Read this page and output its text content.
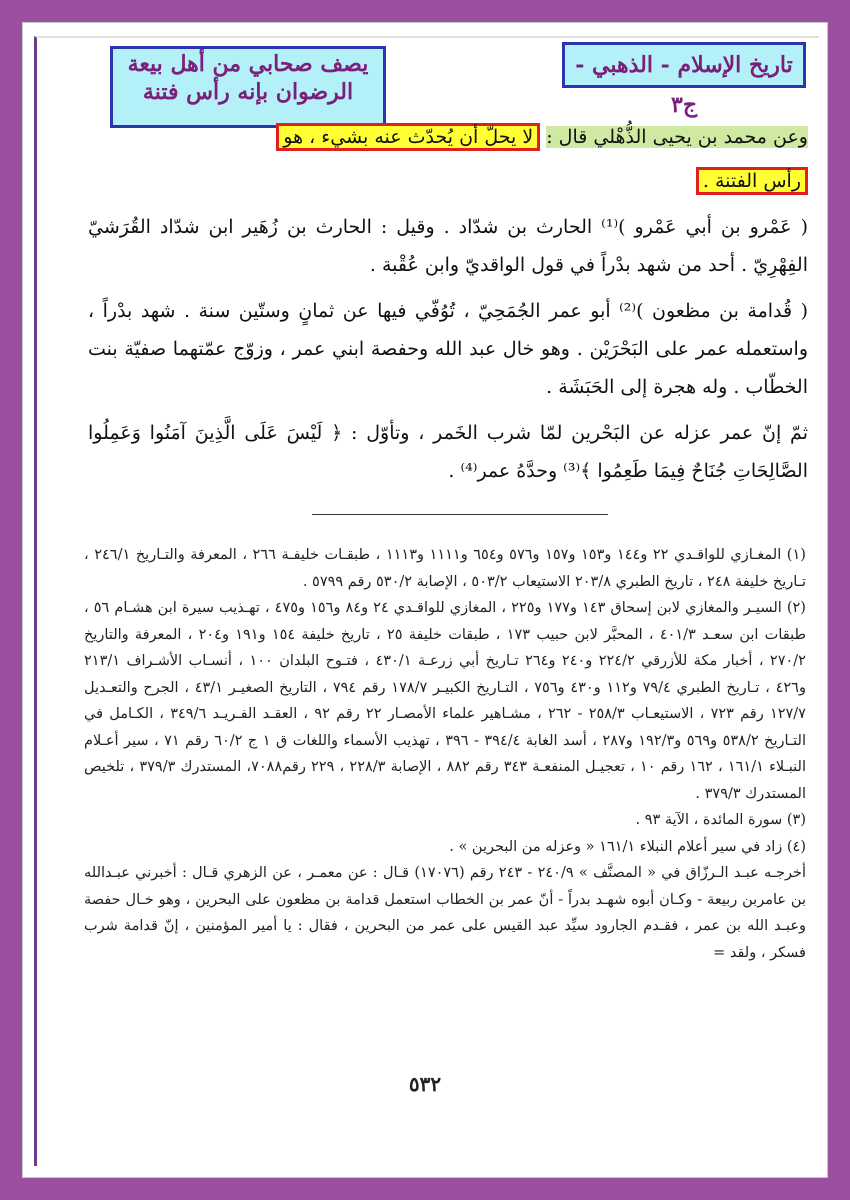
تاريخ الإسلام - الذهبي - ج٣
يصف صحابي من أهل بيعة
الرضوان بإنه رأس فتنة

وعن محمد بن يحيى الذُّهْلي قال : لا يحلّ أن يُحدّث عنه بشيء ، هو

رأس الفتنة .

( عَمْرو بن أبي عَمْرو )⁽¹⁾ الحارث بن شدّاد . وقيل : الحارث بن زُهَير ابن شدّاد القُرَشيّ الفِهْرِيّ . أحد من شهد بدْراً في قول الواقديّ وابن عُقْبة .

( قُدامة بن مظعون )⁽²⁾ أبو عمر الجُمَحِيّ ، تُوُفّي فيها عن ثمانٍ وستّين سنة . شهد بدْراً ، واستعمله عمر على البَحْرَيْن . وهو خال عبد الله وحفصة ابني عمر ، وزوّج عمّتهما صفيّة بنت الخطّاب . وله هجرة إلى الحَبَشَة .

ثمّ إنّ عمر عزله عن البَحْرين لمّا شرب الخَمر ، وتأوّل : ﴿ لَيْسَ عَلَى الَّذِينَ آمَنُوا وَعَمِلُوا الصَّالِحَاتِ جُنَاحٌ فِيمَا طَعِمُوا ﴾⁽³⁾ وحدَّهُ عمر⁽⁴⁾ .

(١) المغـازي للواقـدي ٢٢ و١٤٤ و١٥٣ و١٥٧ و٥٧٦ و٦٥٤ و١١١١ و١١١٣ ، طبقـات خليفـة ٢٦٦ ، المعرفة والتـاريخ ٢٤٦/١ ، تـاريخ خليفة ٢٤٨ ، تاريخ الطبري ٢٠٣/٨ الاستيعاب ٥٠٣/٢ ، الإصابة ٥٣٠/٢ رقم ٥٧٩٩ .

(٢) السيـر والمغازي لابن إسحاق ١٤٣ و١٧٧ و٢٢٥ ، المغازي للواقـدي ٢٤ و٨٤ و١٥٦ و٤٧٥ ، تهـذيب سيرة ابن هشـام ٥٦ ، طبقات ابن سعـد ٤٠١/٣ ، المحبَّر لابن حبيب ١٧٣ ، طبقات خليفة ٢٥ ، تاريخ خليفة ١٥٤ و١٩١ و٢٠٤ ، المعرفة والتاريخ ٢٧٠/٢ ، أخبار مكة للأزرقي ٢٢٤/٢ و٢٤٠ و٢٦٤ تـاريخ أبي زرعـة ٤٣٠/١ ، فتـوح البلدان ١٠٠ ، أنسـاب الأشـراف ٢١٣/١ و٤٢٦ ، تـاريخ الطبري ٧٩/٤ و١١٢ و٤٣٠ و٧٥٦ ، التـاريخ الكبيـر ١٧٨/٧ رقم ٧٩٤ ، التاريخ الصغيـر ٤٣/١ ، الجرح والتعـديل ١٢٧/٧ رقم ٧٢٣ ، الاستيعـاب ٢٥٨/٣ - ٢٦٢ ، مشـاهير علماء الأمصـار ٢٢ رقم ٩٢ ، العقـد الفـريـد ٣٤٩/٦ ، الكـامل في التـاريخ ٥٣٨/٢ و٥٦٩ و١٩٢/٣ و٢٨٧ ، أسد الغابة ٣٩٤/٤ - ٣٩٦ ، تهذيب الأسماء واللغات ق ١ ج ٦٠/٢ رقم ٧١ ، سير أعـلام النبـلاء ١٦١/١ ، ١٦٢ رقم ١٠ ، تعجيـل المنفعـة ٣٤٣ رقم ٨٨٢ ، الإصابة ٢٢٨/٣ ، ٢٢٩ رقم٧٠٨٨، المستدرك ٣٧٩/٣ ، تلخيص المستدرك ٣٧٩/٣ .

(٣) سورة المائدة ، الآية ٩٣ .

(٤) زاد في سير أعلام النبلاء ١٦١/١ « وعزله من البحرين » .

أخرجـه عبـد الـرزّاق في « المصنَّف » ٢٤٠/٩ - ٢٤٣ رقم (١٧٠٧٦) قـال : عن معمـر ، عن الزهري قـال : أخبرني عبـدالله بن عامربن ربيعة - وكـان أبوه شهـد بدراً - أنّ عمر بن الخطاب استعمل قدامة بن مظعون على البحرين ، وهو خـال حفصة وعبـد الله بن عمر ، فقـدم الجارود سيِّد عبد القيس على عمر من البحرين ، فقال : يا أمير المؤمنين ، إنّ قدامة شرب فسكر ، ولقد =

٥٣٢
